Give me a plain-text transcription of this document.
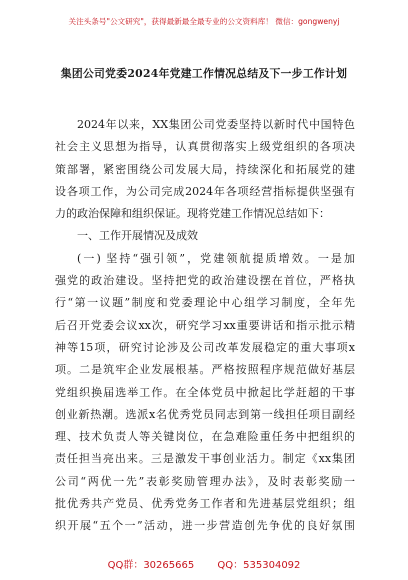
关注头条号"公文研究"，获得最新最全最专业的公文资料库！ 微信：gongwenyj
集团公司党委2024年党建工作情况总结及下一步工作计划
2024年以来，XX集团公司党委坚持以新时代中国特色
社会主义思想为指导，认真贯彻落实上级党组织的各项决
策部署，紧密围绕公司发展大局，持续深化和拓展党的建
设各项工作，为公司完成2024年各项经营指标提供坚强有
力的政治保障和组织保证。现将党建工作情况总结如下：
一、工作开展情况及成效
(一) 坚持“强引领”，党建领航提质增效。一是加
强党的政治建设。坚持把党的政治建设摆在首位，严格执
行“第一议题”制度和党委理论中心组学习制度，全年先
后召开党委会议xx次，研究学习xx重要讲话和指示批示精
神等15项，研究讨论涉及公司改革发展稳定的重大事项x
项。二是筑牢企业发展根基。严格按照程序规范做好基层
党组织换届选举工作。在全体党员中掀起比学赶超的干事
创业新热潮。选派x名优秀党员同志到第一线担任项目副经
理、技术负责人等关键岗位，在急难险重任务中把组织的
责任担当亮出来。三是激发干事创业活力。制定《xx集团
公司“两优一先”表彰奖励管理办法》，及时表彰奖励一
批优秀共产党员、优秀党务工作者和先进基层党组织；组
织开展“五个一”活动，进一步营造创先争优的良好氛围
QQ群：30265665 QQ：535304092
